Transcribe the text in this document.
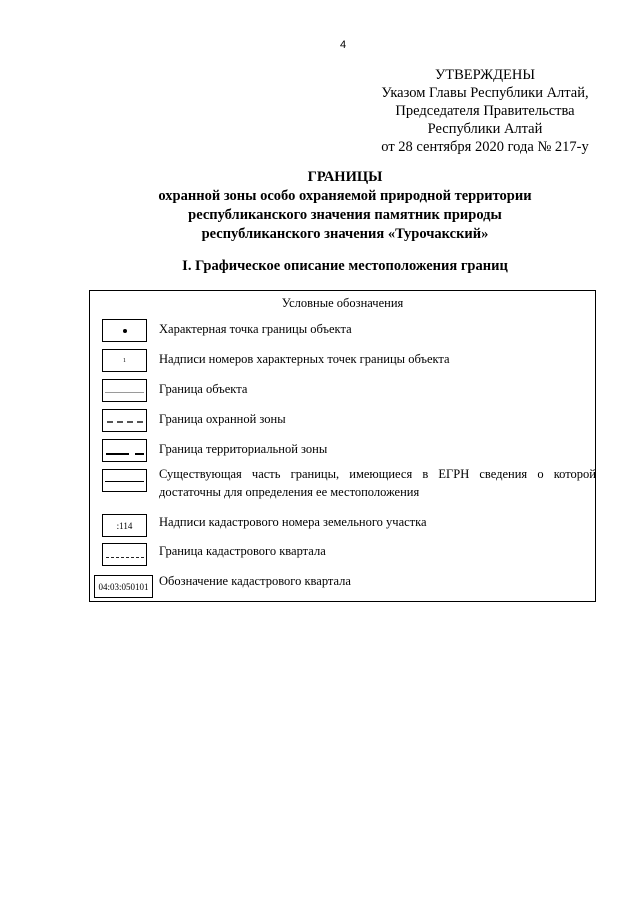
4
УТВЕРЖДЕНЫ
Указом Главы Республики Алтай,
Председателя Правительства
Республики Алтай
от 28 сентября 2020 года № 217-у
ГРАНИЦЫ
охранной зоны особо охраняемой природной территории
республиканского значения памятник природы
республиканского значения «Турочакский»
I. Графическое описание местоположения границ
Условные обозначения
Характерная точка границы объекта
1	Надписи номеров характерных точек границы объекта
Граница объекта
Граница охранной зоны
Граница территориальной зоны
Существующая часть границы, имеющиеся в ЕГРН сведения о которой достаточны для определения ее местоположения
:114 Надписи кадастрового номера земельного участка
Граница кадастрового квартала
04:03:050101 Обозначение кадастрового квартала
